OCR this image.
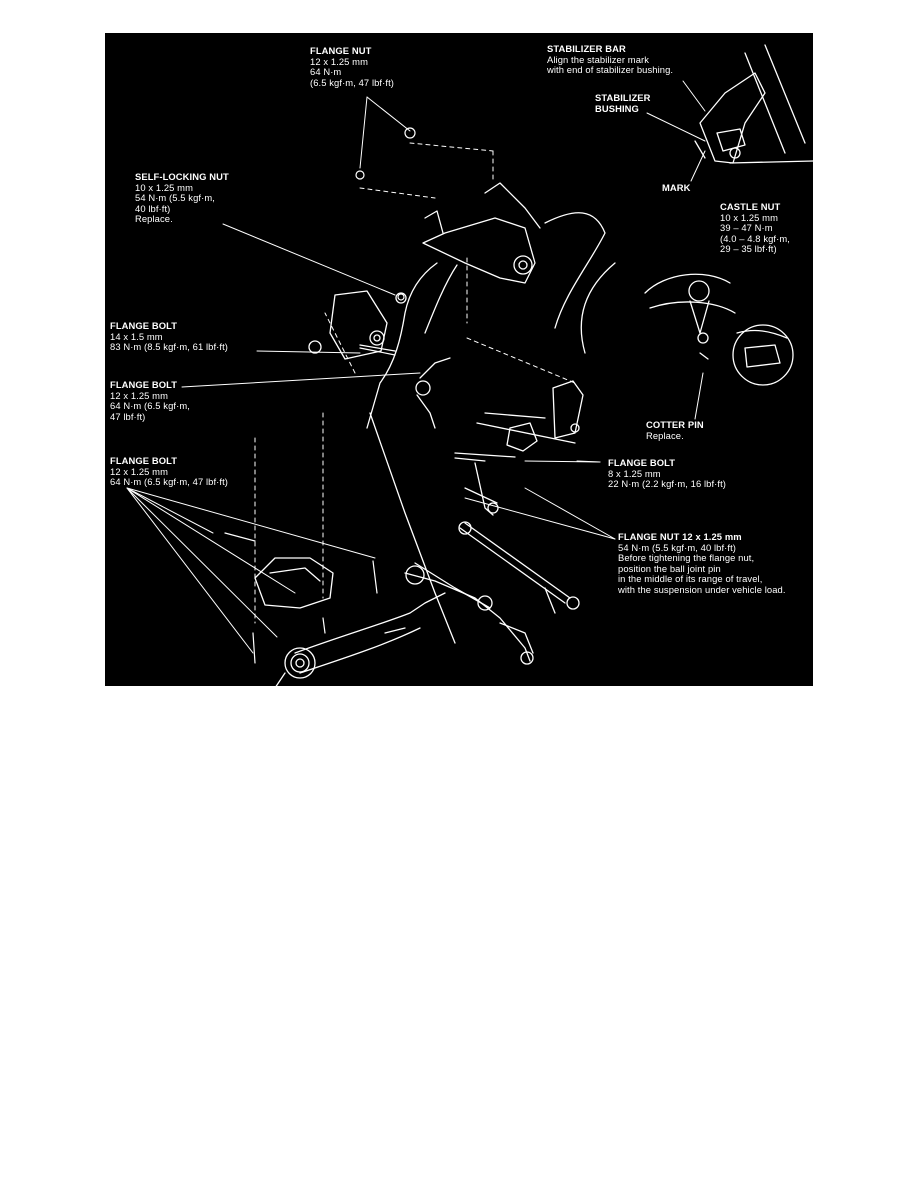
FLANGE NUT
12 x 1.25 mm
64 N·m
(6.5 kgf·m, 47 lbf·ft)
STABILIZER BAR
Align the stabilizer mark
with end of stabilizer bushing.
STABILIZER
BUSHING
MARK
SELF-LOCKING NUT
10 x 1.25 mm
54 N·m (5.5 kgf·m,
40 lbf·ft)
Replace.
CASTLE NUT
10 x 1.25 mm
39 – 47 N·m
(4.0 – 4.8 kgf·m,
29 – 35 lbf·ft)
FLANGE BOLT
14 x 1.5 mm
83 N·m (8.5 kgf·m, 61 lbf·ft)
FLANGE BOLT
12 x 1.25 mm
64 N·m (6.5 kgf·m,
47 lbf·ft)
COTTER PIN
Replace.
FLANGE BOLT
8 x 1.25 mm
22 N·m (2.2 kgf·m, 16 lbf·ft)
FLANGE BOLT
12 x 1.25 mm
64 N·m (6.5 kgf·m, 47 lbf·ft)
FLANGE NUT 12 x 1.25 mm
54 N·m (5.5 kgf·m, 40 lbf·ft)
Before tightening the flange nut,
position the ball joint pin
in the middle of its range of travel,
with the suspension under vehicle load.
